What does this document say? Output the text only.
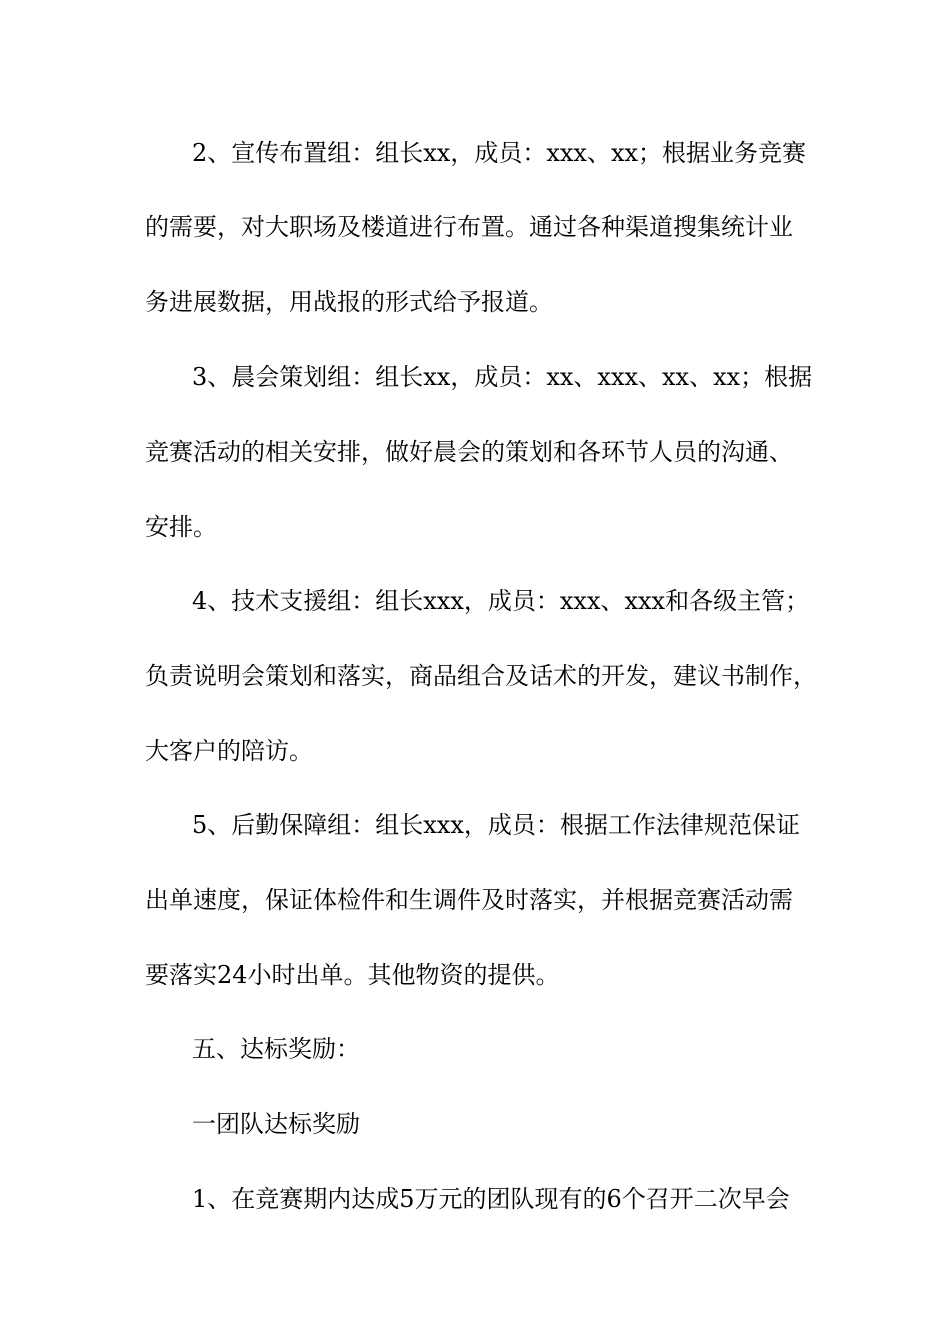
2、宣传布置组：组长xx，成员：xxx、xx；根据业务竞赛

的需要，对大职场及楼道进行布置。通过各种渠道搜集统计业

务进展数据，用战报的形式给予报道。

3、晨会策划组：组长xx，成员：xx、xxx、xx、xx；根据

竞赛活动的相关安排，做好晨会的策划和各环节人员的沟通、

安排。

4、技术支援组：组长xxx，成员：xxx、xxx和各级主管；

负责说明会策划和落实，商品组合及话术的开发，建议书制作，

大客户的陪访。

5、后勤保障组：组长xxx，成员：根据工作法律规范保证

出单速度，保证体检件和生调件及时落实，并根据竞赛活动需

要落实24小时出单。其他物资的提供。

五、达标奖励：

一团队达标奖励

1、在竞赛期内达成5万元的团队现有的6个召开二次早会
